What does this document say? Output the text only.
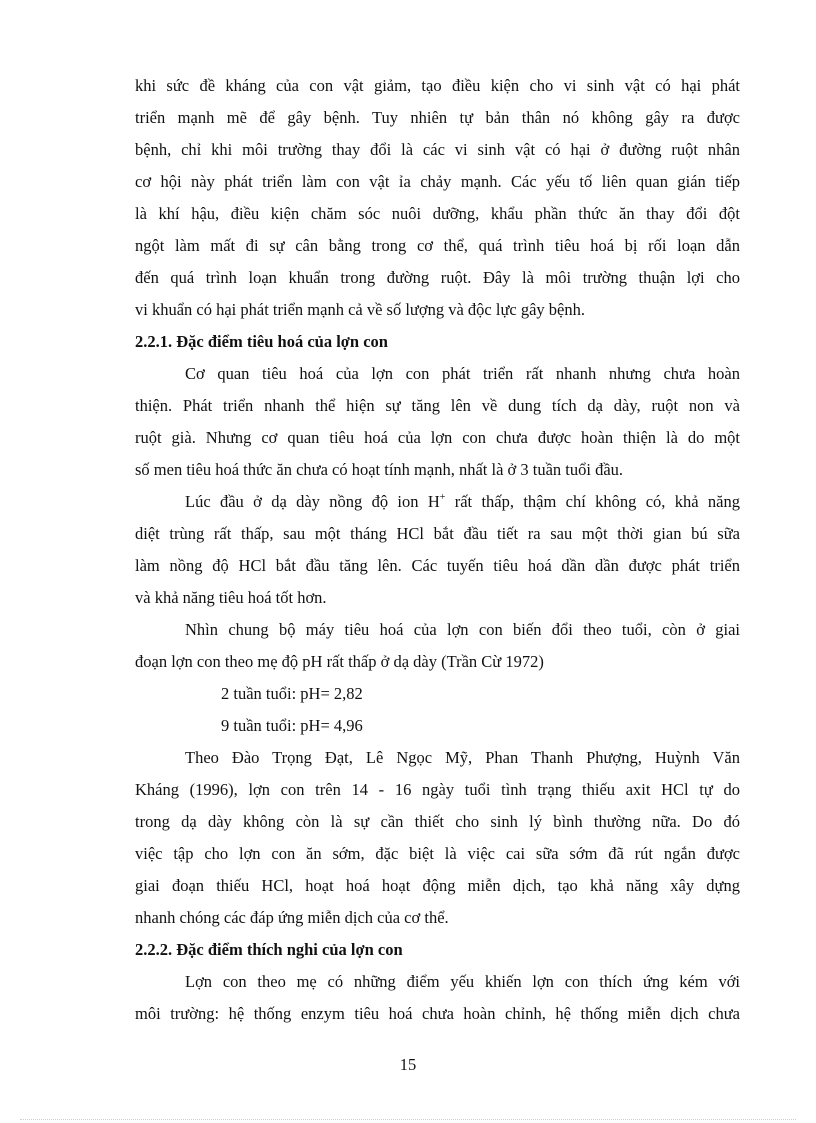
khi sức đề kháng của con vật giảm, tạo điều kiện cho vi sinh vật có hại phát
triển mạnh mẽ để gây bệnh. Tuy nhiên tự bản thân nó không gây ra được
bệnh, chỉ khi môi trường thay đổi là các vi sinh vật có hại ở đường ruột nhân
cơ hội này phát triển làm con vật ỉa chảy mạnh. Các yếu tố liên quan gián tiếp
là khí hậu, điều kiện chăm sóc nuôi dưỡng, khẩu phần thức ăn thay đổi đột
ngột làm mất đi sự cân bằng trong cơ thể, quá trình tiêu hoá bị rối loạn dẫn
đến quá trình loạn khuẩn trong đường ruột. Đây là môi trường thuận lợi cho
vi khuẩn có hại phát triển mạnh cả về số lượng và độc lực gây bệnh.
2.2.1. Đặc điểm tiêu hoá của lợn con
Cơ quan tiêu hoá của lợn con phát triển rất nhanh nhưng chưa hoàn
thiện. Phát triển nhanh thể hiện sự tăng lên về dung tích dạ dày, ruột non và
ruột già. Nhưng cơ quan tiêu hoá của lợn con chưa được hoàn thiện là do một
số men tiêu hoá thức ăn chưa có hoạt tính mạnh, nhất là ở 3 tuần tuổi đầu.
Lúc đầu ở dạ dày nồng độ ion H+ rất thấp, thậm chí không có, khả năng
diệt trùng rất thấp, sau một tháng HCl bắt đầu tiết ra sau một thời gian bú sữa
làm nồng độ HCl bắt đầu tăng lên. Các tuyến tiêu hoá dần dần được phát triển
và khả năng tiêu hoá tốt hơn.
Nhìn chung bộ máy tiêu hoá của lợn con biến đổi theo tuổi, còn ở giai
đoạn lợn con theo mẹ độ pH rất thấp ở dạ dày (Trần Cừ 1972)
2 tuần tuổi: pH= 2,82
9 tuần tuổi: pH= 4,96
Theo Đào Trọng Đạt, Lê Ngọc Mỹ, Phan Thanh Phượng, Huỳnh Văn
Kháng (1996), lợn con trên 14 - 16 ngày tuổi tình trạng thiếu axit HCl tự do
trong dạ dày không còn là sự cần thiết cho sinh lý bình thường nữa. Do đó
việc tập cho lợn con ăn sớm, đặc biệt là việc cai sữa sớm đã rút ngắn được
giai đoạn thiếu HCl, hoạt hoá hoạt động miễn dịch, tạo khả năng xây dựng
nhanh chóng các đáp ứng miễn dịch của cơ thể.
2.2.2. Đặc điểm thích nghi của lợn con
Lợn con theo mẹ có những điểm yếu khiến lợn con thích ứng kém với
môi trường: hệ thống enzym tiêu hoá chưa hoàn chỉnh, hệ thống miễn dịch chưa
15
